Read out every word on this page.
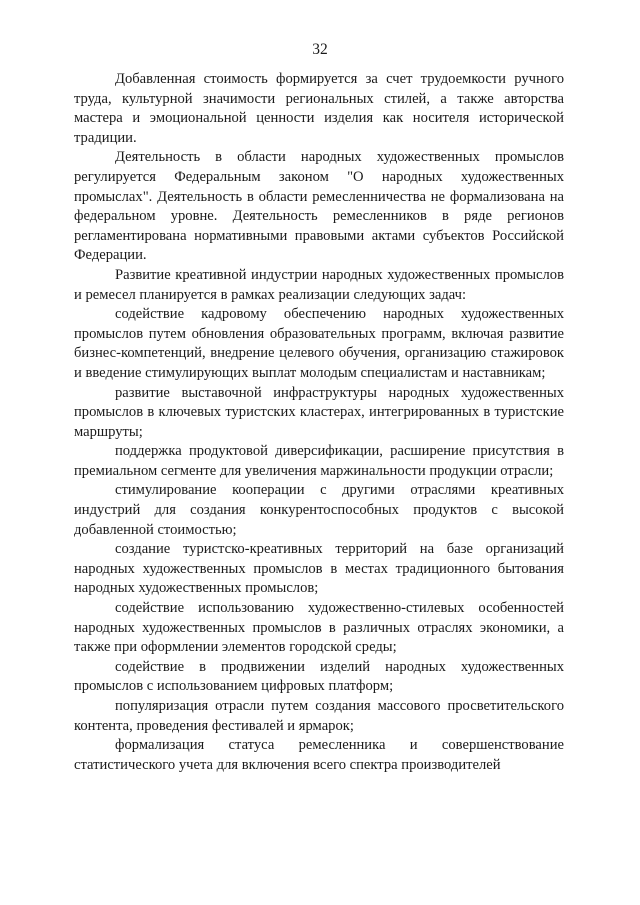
32

Добавленная стоимость формируется за счет трудоемкости ручного труда, культурной значимости региональных стилей, а также авторства мастера и эмоциональной ценности изделия как носителя исторической традиции.

Деятельность в области народных художественных промыслов регулируется Федеральным законом "О народных художественных промыслах". Деятельность в области ремесленничества не формализована на федеральном уровне. Деятельность ремесленников в ряде регионов регламентирована нормативными правовыми актами субъектов Российской Федерации.

Развитие креативной индустрии народных художественных промыслов и ремесел планируется в рамках реализации следующих задач:

содействие кадровому обеспечению народных художественных промыслов путем обновления образовательных программ, включая развитие бизнес-компетенций, внедрение целевого обучения, организацию стажировок и введение стимулирующих выплат молодым специалистам и наставникам;

развитие выставочной инфраструктуры народных художественных промыслов в ключевых туристских кластерах, интегрированных в туристские маршруты;

поддержка продуктовой диверсификации, расширение присутствия в премиальном сегменте для увеличения маржинальности продукции отрасли;

стимулирование кооперации с другими отраслями креативных индустрий для создания конкурентоспособных продуктов с высокой добавленной стоимостью;

создание туристско-креативных территорий на базе организаций народных художественных промыслов в местах традиционного бытования народных художественных промыслов;

содействие использованию художественно-стилевых особенностей народных художественных промыслов в различных отраслях экономики, а также при оформлении элементов городской среды;

содействие в продвижении изделий народных художественных промыслов с использованием цифровых платформ;

популяризация отрасли путем создания массового просветительского контента, проведения фестивалей и ярмарок;

формализация статуса ремесленника и совершенствование статистического учета для включения всего спектра производителей
